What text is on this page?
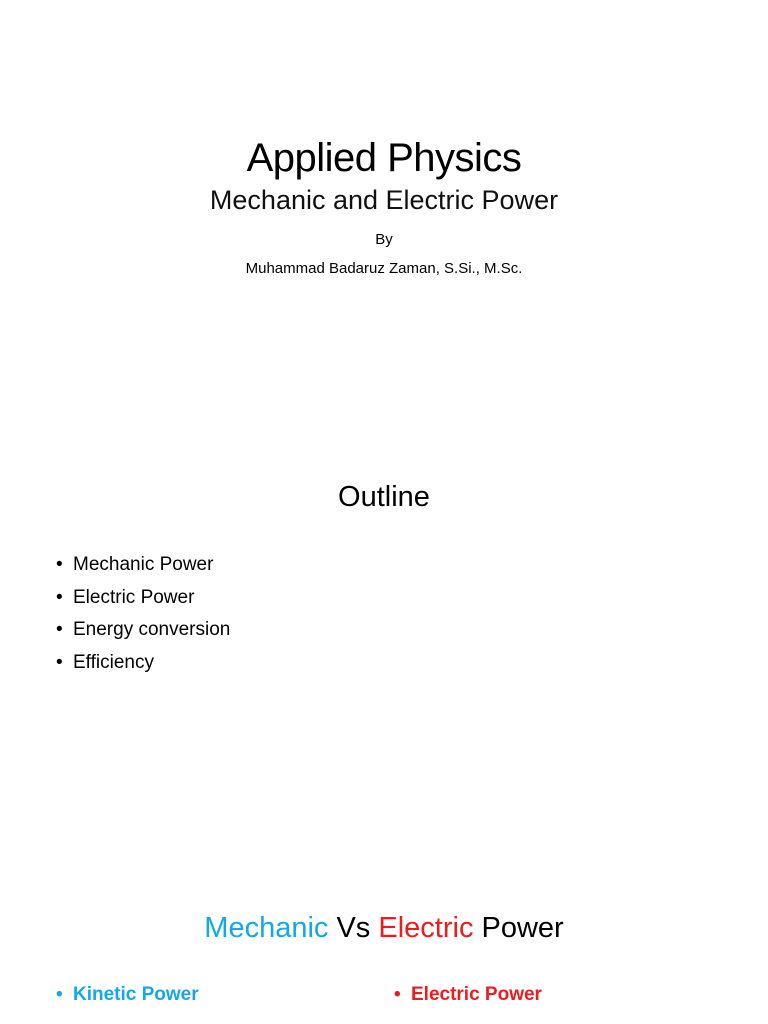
Applied Physics
Mechanic and Electric Power
By
Muhammad Badaruz Zaman, S.Si., M.Sc.
Outline
• Mechanic Power
• Electric Power
• Energy conversion
• Efficiency
Mechanic Vs Electric Power
• Kinetic Power	• Electric Power
